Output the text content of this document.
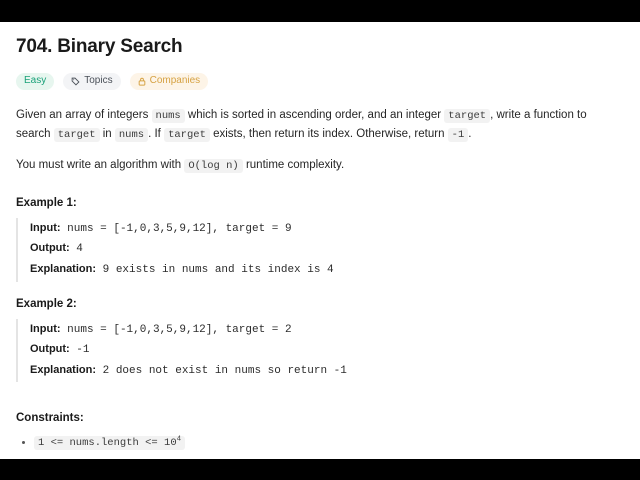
704. Binary Search
Easy	Topics	Companies

Given an array of integers nums which is sorted in ascending order, and an integer target , write a function to search target in nums . If target exists, then return its index. Otherwise, return -1 .

You must write an algorithm with O(log n) runtime complexity.

Example 1:
Input: nums = [-1,0,3,5,9,12], target = 9
Output: 4
Explanation: 9 exists in nums and its index is 4
Example 2:
Input: nums = [-1,0,3,5,9,12], target = 2
Output: -1
Explanation: 2 does not exist in nums so return -1
Constraints:
• 1 <= nums.length <= $10^4$
